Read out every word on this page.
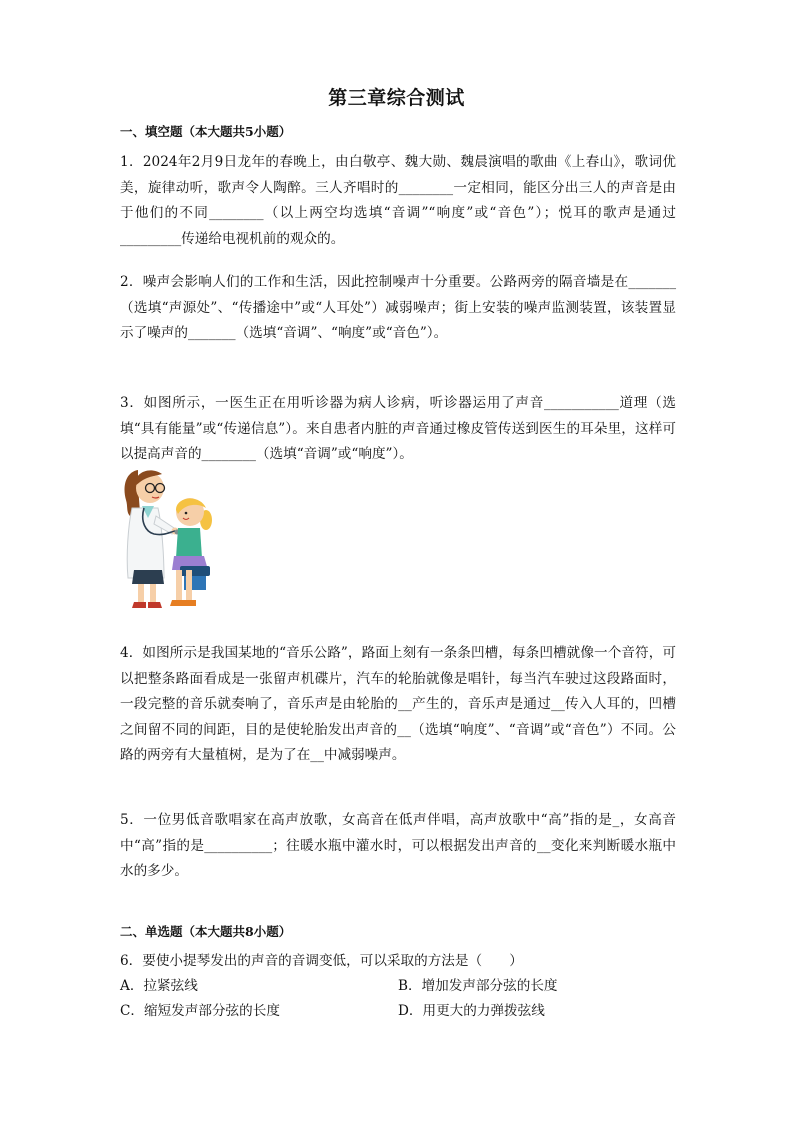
第三章综合测试
一、填空题（本大题共5小题）

1．2024年2月9日龙年的春晚上，由白敬亭、魏大勋、魏晨演唱的歌曲《上春山》，歌词优美，旋律动听，歌声令人陶醉。三人齐唱时的________一定相同，能区分出三人的声音是由于他们的不同________（以上两空均选填“音调”“响度”或“音色”）；悦耳的歌声是通过_________传递给电视机前的观众的。

2．噪声会影响人们的工作和生活，因此控制噪声十分重要。公路两旁的隔音墙是在_______（选填“声源处”、“传播途中”或“人耳处”）减弱噪声；街上安装的噪声监测装置，该装置显示了噪声的_______（选填“音调”、“响度”或“音色”）。

3．如图所示，一医生正在用听诊器为病人诊病，听诊器运用了声音___________道理（选填“具有能量”或“传递信息”）。来自患者内脏的声音通过橡皮管传送到医生的耳朵里，这样可以提高声音的________（选填“音调”或“响度”）。

4．如图所示是我国某地的“音乐公路”，路面上刻有一条条凹槽，每条凹槽就像一个音符，可以把整条路面看成是一张留声机碟片，汽车的轮胎就像是唱针，每当汽车驶过这段路面时，一段完整的音乐就奏响了，音乐声是由轮胎的__产生的，音乐声是通过__传入人耳的，凹槽之间留不同的间距，目的是使轮胎发出声音的__（选填“响度”、“音调”或“音色”）不同。公路的两旁有大量植树，是为了在__中减弱噪声。

5．一位男低音歌唱家在高声放歌，女高音在低声伴唱，高声放歌中“高”指的是_，女高音中“高”指的是__________；往暖水瓶中灌水时，可以根据发出声音的__变化来判断暖水瓶中水的多少。

二、单选题（本大题共8小题）

6．要使小提琴发出的声音的音调变低，可以采取的方法是（　　）

A．拉紧弦线	B．增加发声部分弦的长度
C．缩短发声部分弦的长度	D．用更大的力弹拨弦线
